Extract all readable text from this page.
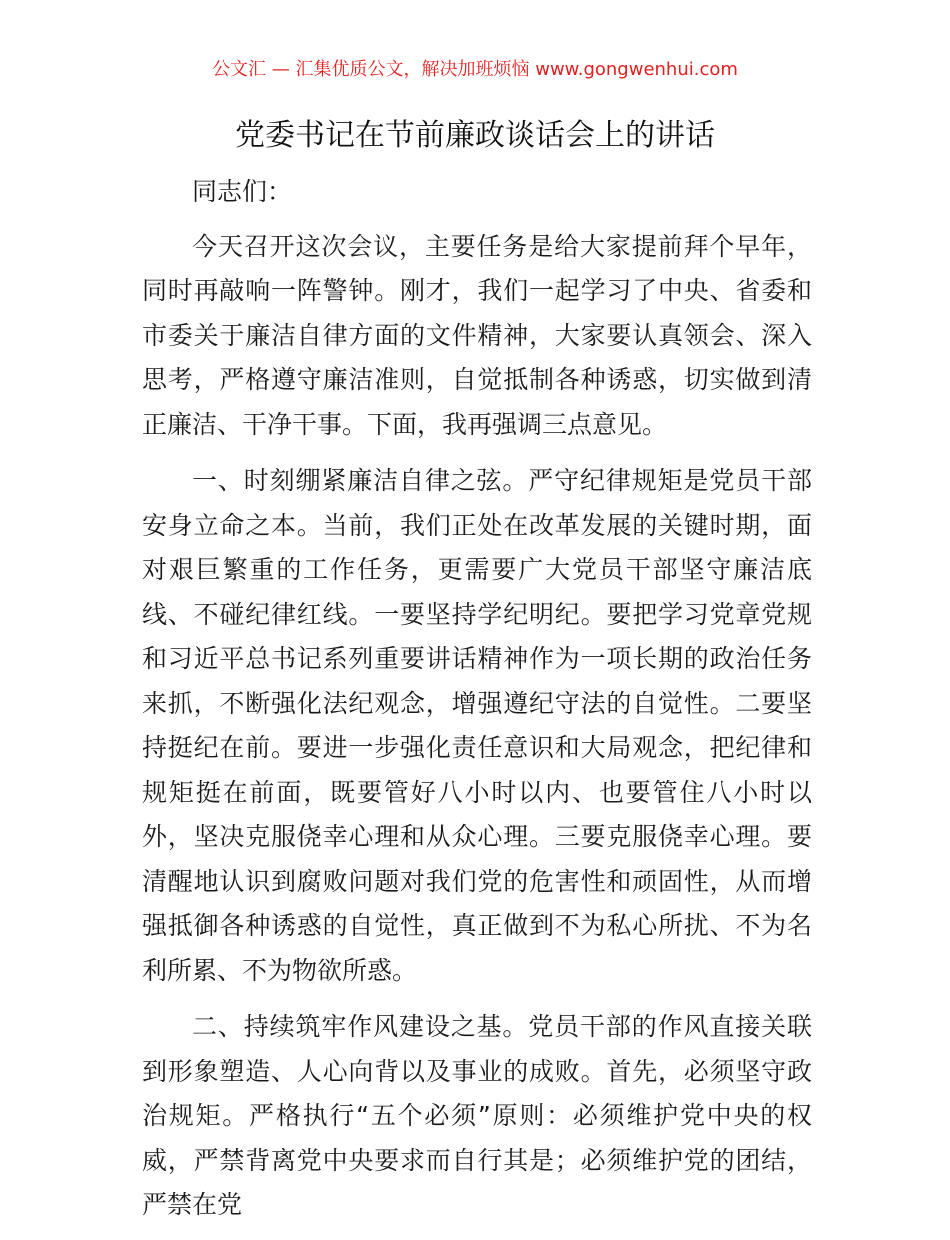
公文汇 — 汇集优质公文，解决加班烦恼 www.gongwenhui.com
党委书记在节前廉政谈话会上的讲话

同志们：

今天召开这次会议，主要任务是给大家提前拜个早年，同时再敲响一阵警钟。刚才，我们一起学习了中央、省委和市委关于廉洁自律方面的文件精神，大家要认真领会、深入思考，严格遵守廉洁准则，自觉抵制各种诱惑，切实做到清正廉洁、干净干事。下面，我再强调三点意见。

一、时刻绷紧廉洁自律之弦。严守纪律规矩是党员干部安身立命之本。当前，我们正处在改革发展的关键时期，面对艰巨繁重的工作任务，更需要广大党员干部坚守廉洁底线、不碰纪律红线。一要坚持学纪明纪。要把学习党章党规和习近平总书记系列重要讲话精神作为一项长期的政治任务来抓，不断强化法纪观念，增强遵纪守法的自觉性。二要坚持挺纪在前。要进一步强化责任意识和大局观念，把纪律和规矩挺在前面，既要管好八小时以内、也要管住八小时以外，坚决克服侥幸心理和从众心理。三要克服侥幸心理。要清醒地认识到腐败问题对我们党的危害性和顽固性，从而增强抵御各种诱惑的自觉性，真正做到不为私心所扰、不为名利所累、不为物欲所惑。

二、持续筑牢作风建设之基。党员干部的作风直接关联到形象塑造、人心向背以及事业的成败。首先，必须坚守政治规矩。严格执行“五个必须”原则：必须维护党中央的权威，严禁背离党中央要求而自行其是；必须维护党的团结，严禁在党
